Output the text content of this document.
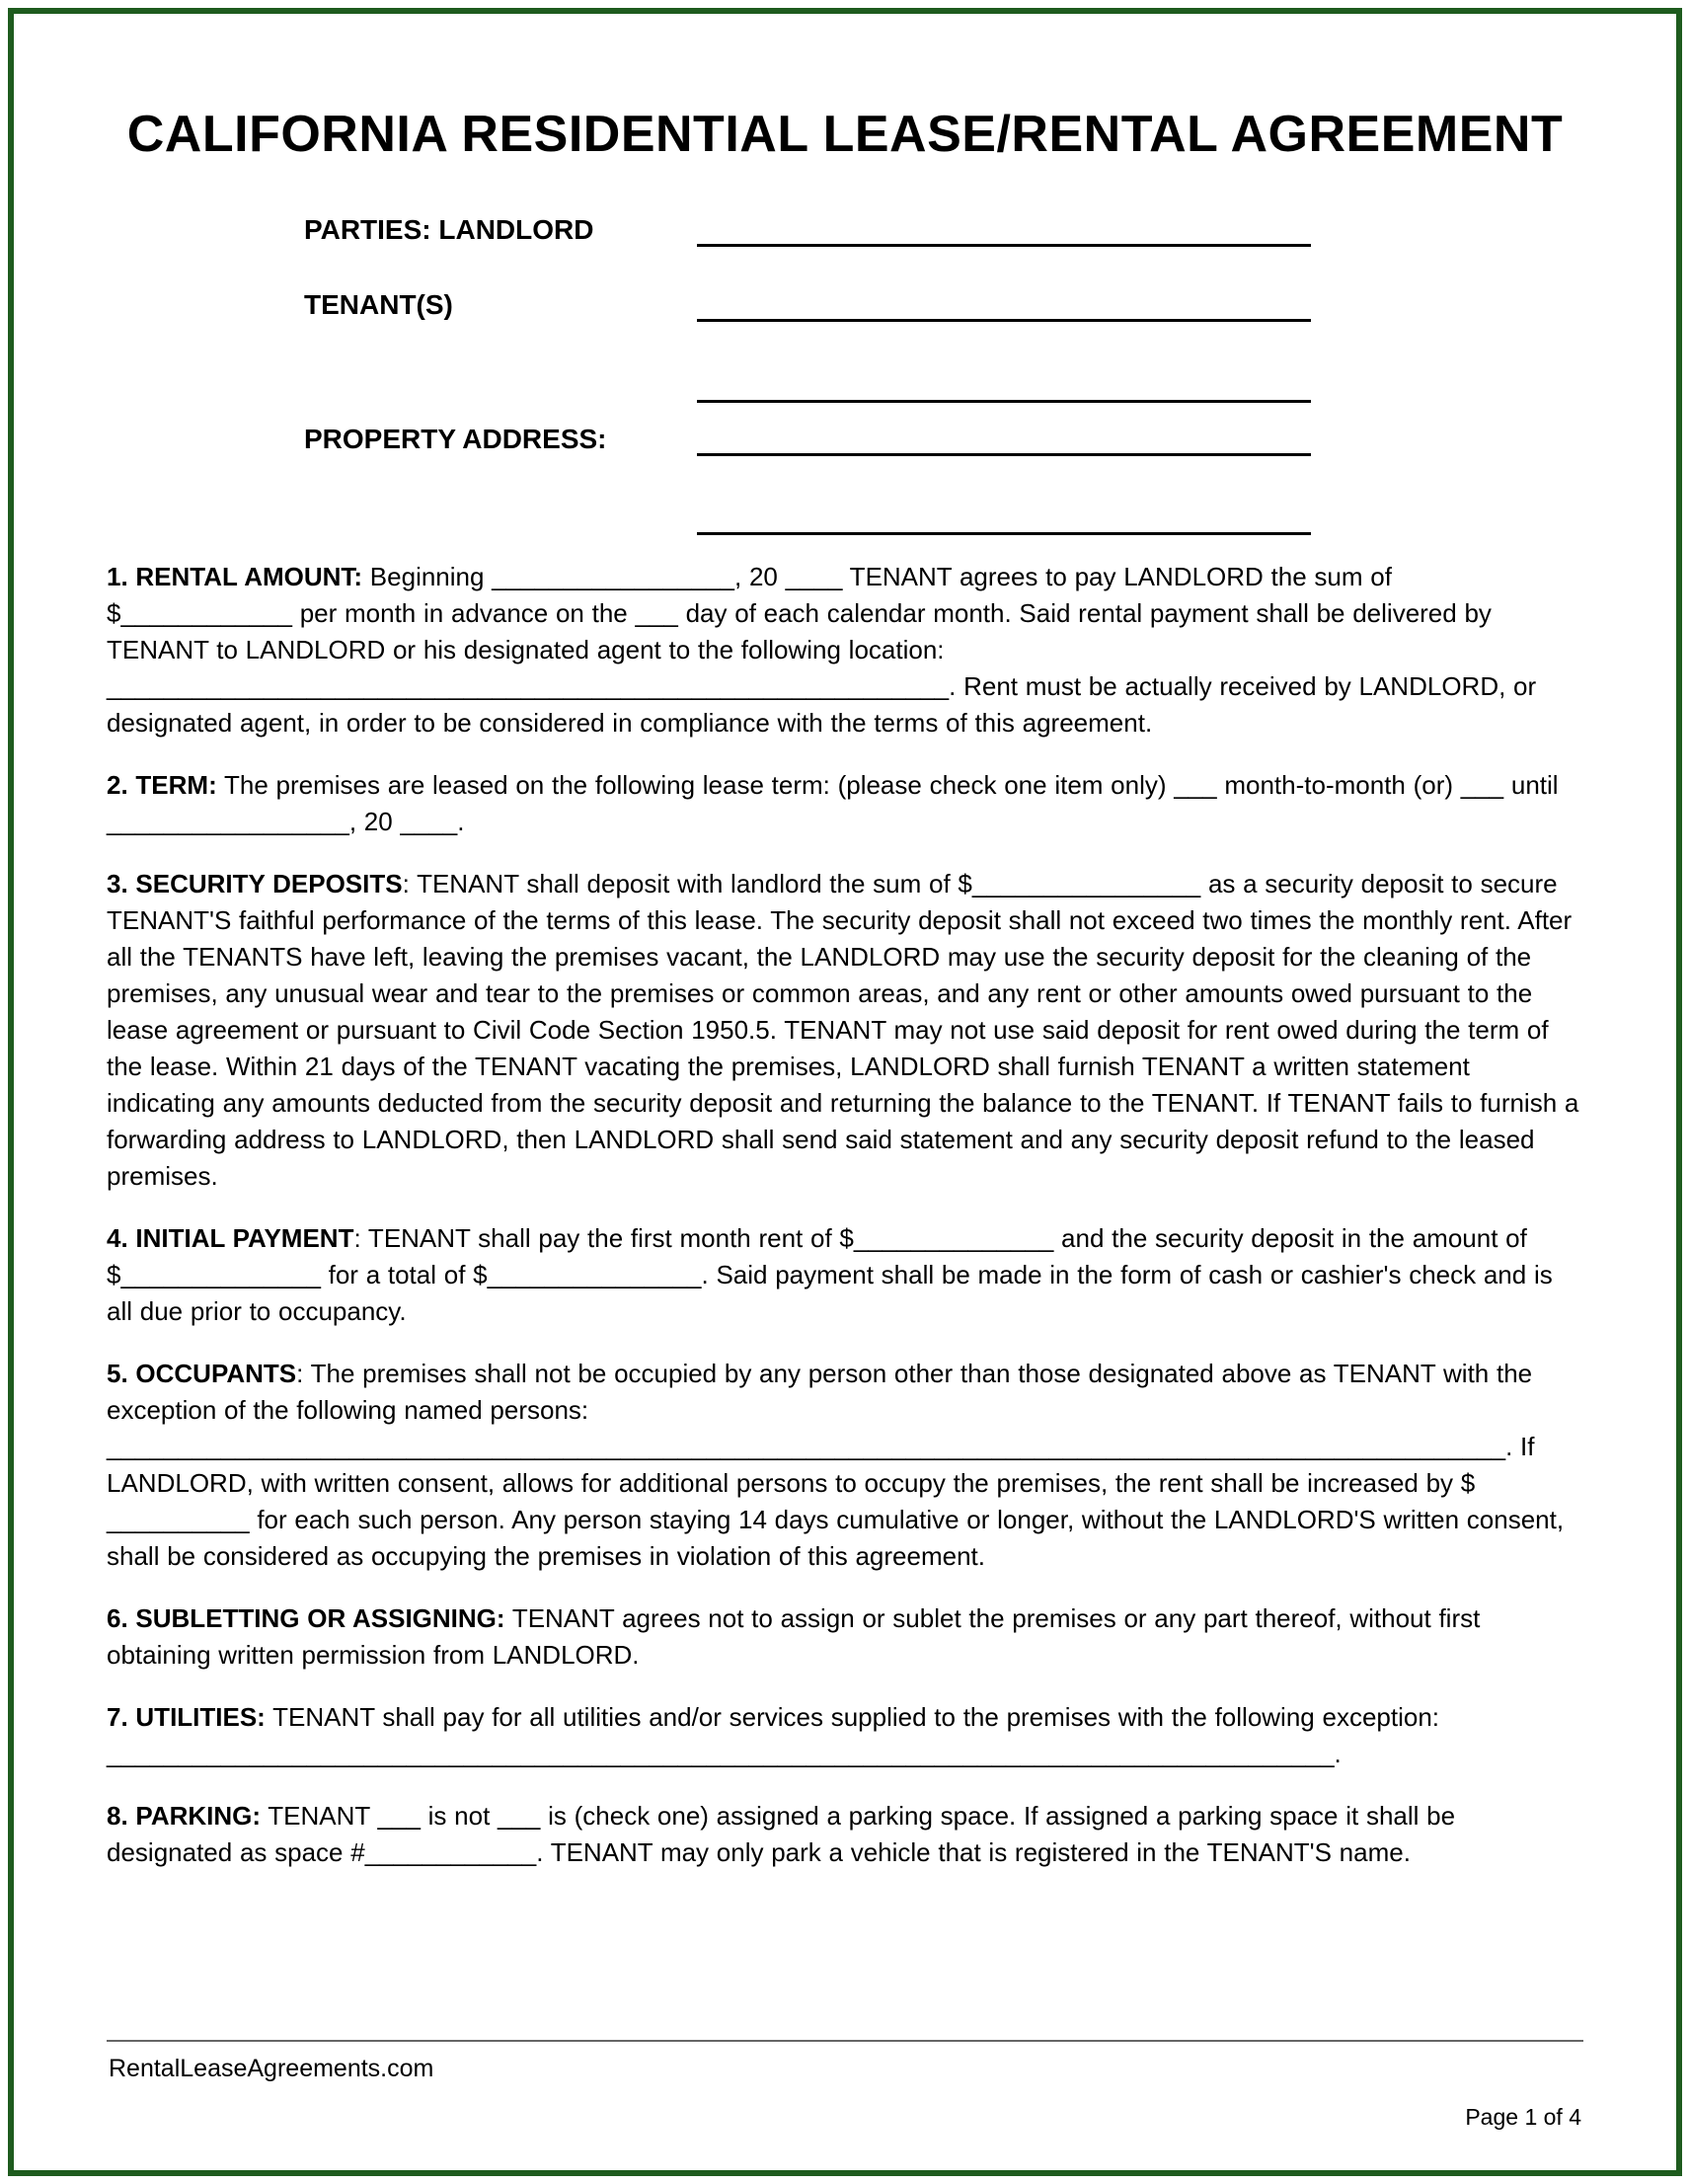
CALIFORNIA RESIDENTIAL LEASE/RENTAL AGREEMENT
PARTIES: LANDLORD
TENANT(S)
PROPERTY ADDRESS:

1. RENTAL AMOUNT: Beginning _________________, 20 ____ TENANT agrees to pay LANDLORD the sum of $____________ per month in advance on the ___ day of each calendar month. Said rental payment shall be delivered by TENANT to LANDLORD or his designated agent to the following location: ___________________________________________________________. Rent must be actually received by LANDLORD, or designated agent, in order to be considered in compliance with the terms of this agreement.

2. TERM: The premises are leased on the following lease term: (please check one item only) ___ month-to-month (or) ___ until _________________, 20 ____.

3. SECURITY DEPOSITS: TENANT shall deposit with landlord the sum of $________________ as a security deposit to secure TENANT'S faithful performance of the terms of this lease. The security deposit shall not exceed two times the monthly rent. After all the TENANTS have left, leaving the premises vacant, the LANDLORD may use the security deposit for the cleaning of the premises, any unusual wear and tear to the premises or common areas, and any rent or other amounts owed pursuant to the lease agreement or pursuant to Civil Code Section 1950.5. TENANT may not use said deposit for rent owed during the term of the lease. Within 21 days of the TENANT vacating the premises, LANDLORD shall furnish TENANT a written statement indicating any amounts deducted from the security deposit and returning the balance to the TENANT. If TENANT fails to furnish a forwarding address to LANDLORD, then LANDLORD shall send said statement and any security deposit refund to the leased premises.

4. INITIAL PAYMENT: TENANT shall pay the first month rent of $______________ and the security deposit in the amount of $______________ for a total of $_______________. Said payment shall be made in the form of cash or cashier's check and is all due prior to occupancy.

5. OCCUPANTS: The premises shall not be occupied by any person other than those designated above as TENANT with the exception of the following named persons: __________________________________________________________________________________________________. If LANDLORD, with written consent, allows for additional persons to occupy the premises, the rent shall be increased by $ __________ for each such person. Any person staying 14 days cumulative or longer, without the LANDLORD'S written consent, shall be considered as occupying the premises in violation of this agreement.

6. SUBLETTING OR ASSIGNING: TENANT agrees not to assign or sublet the premises or any part thereof, without first obtaining written permission from LANDLORD.

7. UTILITIES: TENANT shall pay for all utilities and/or services supplied to the premises with the following exception: ______________________________________________________________________________________.

8. PARKING: TENANT ___ is not ___ is (check one) assigned a parking space. If assigned a parking space it shall be designated as space #____________. TENANT may only park a vehicle that is registered in the TENANT'S name.

RentalLeaseAgreements.com
Page 1 of 4
